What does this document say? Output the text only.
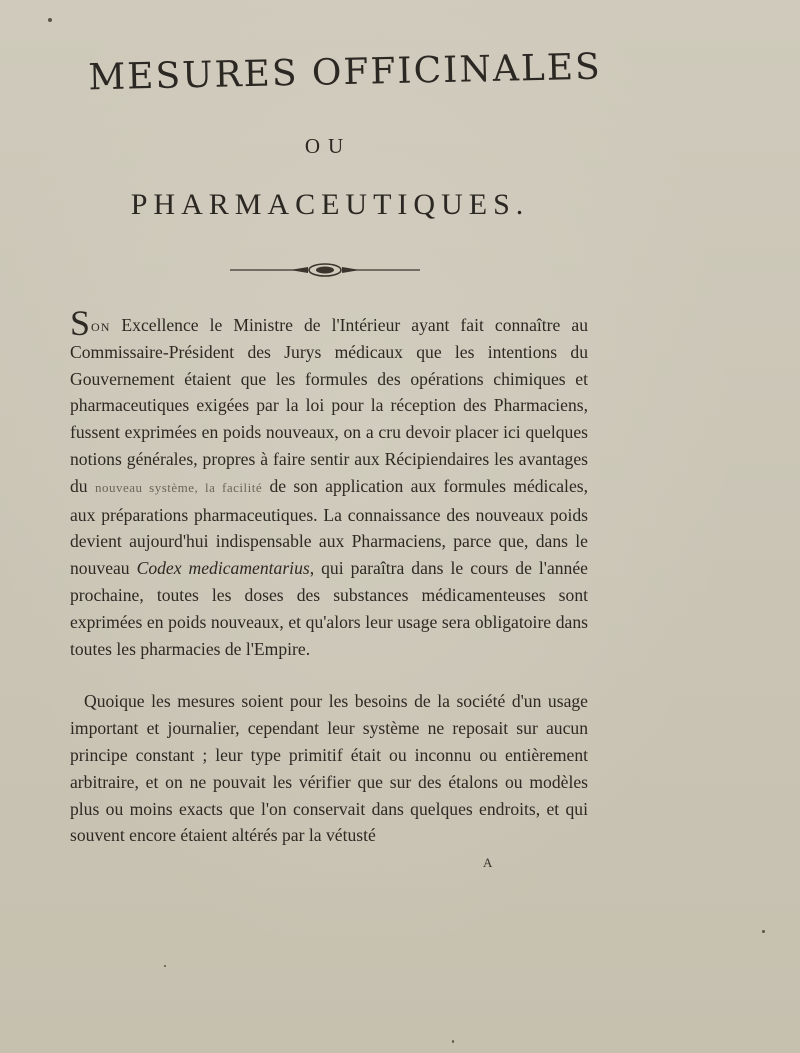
MESURES OFFICINALES
OU
PHARMACEUTIQUES.

Son Excellence le Ministre de l'Intérieur ayant fait connaître au Commissaire-Président des Jurys médicaux que les intentions du Gouvernement étaient que les formules des opérations chimiques et pharmaceutiques exigées par la loi pour la réception des Pharmaciens, fussent exprimées en poids nouveaux, on a cru devoir placer ici quelques notions générales, propres à faire sentir aux Récipiendaires les avantages du nouveau système, la facilité de son application aux formules médicales, aux préparations pharmaceutiques. La connaissance des nouveaux poids devient aujourd'hui indispensable aux Pharmaciens, parce que, dans le nouveau Codex medicamentarius, qui paraîtra dans le cours de l'année prochaine, toutes les doses des substances médicamenteuses sont exprimées en poids nouveaux, et qu'alors leur usage sera obligatoire dans toutes les pharmacies de l'Empire.

Quoique les mesures soient pour les besoins de la société d'un usage important et journalier, cependant leur système ne reposait sur aucun principe constant ; leur type primitif était ou inconnu ou entièrement arbitraire, et on ne pouvait les vérifier que sur des étalons ou modèles plus ou moins exacts que l'on conservait dans quelques endroits, et qui souvent encore étaient altérés par la vétusté

A
